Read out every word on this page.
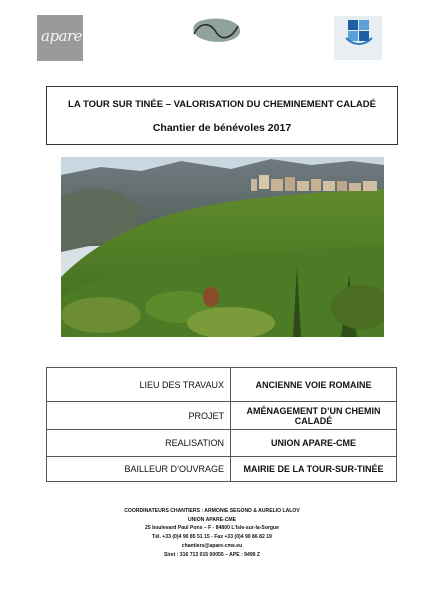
apare
LA TOUR SUR TINÉE – VALORISATION DU CHEMINEMENT CALADÉ
Chantier de bénévoles 2017
LIEU DES TRAVAUX	ANCIENNE VOIE ROMAINE
PROJET	AMÉNAGEMENT D’UN CHEMIN CALADÉ
REALISATION	UNION APARE-CME
BAILLEUR D’OUVRAGE	MAIRIE DE LA TOUR-SUR-TINÉE
COORDINATEURS CHANTIERS : ARMONIE SEGOND & AURELIO LALOV
UNION APARE-CME
25 boulevard Paul Pons – F - 84800 L'Isle-sur-la-Sorgue
Tél. +33 (0)4 90 85 51 15 - Fax +33 (0)4 90 86 82 19
chantiers@apare-cme.eu
Siret : 316 713 015 00055 – APE : 9499 Z
